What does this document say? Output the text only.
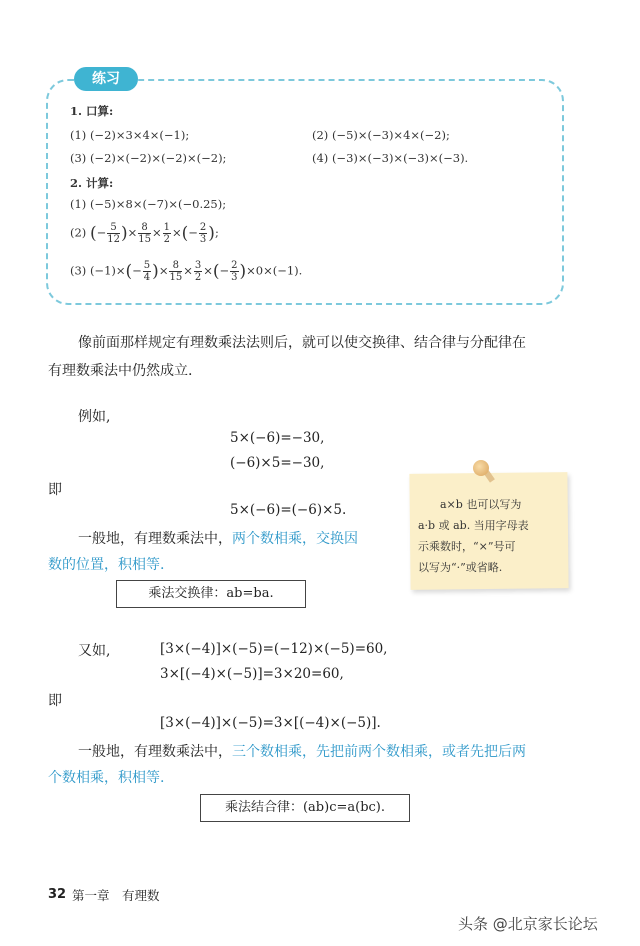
练习
1. 口算:
(1) (−2)×3×4×(−1);	(2) (−5)×(−3)×4×(−2);
(3) (−2)×(−2)×(−2)×(−2);	(4) (−3)×(−3)×(−3)×(−3).
2. 计算:
(1) (−5)×8×(−7)×(−0.25);
(2) (− $\frac{5}{12}$ )× $\frac{8}{15} \times \frac{1}{2}$ ×(− $\frac{2}{3}$ );
(3) $(-1)\times(- \frac{5}{4}$ )× $\frac{8}{15} \times \frac{3}{2}$ ×(− $\frac{2}{3} )\times 0\times(-1)$.
像前面那样规定有理数乘法法则后，就可以使交换律、结合律与分配律在
有理数乘法中仍然成立.
例如,
5×(−6)=−30,
(−6)×5=−30,
即
5×(−6)=(−6)×5.
一般地，有理数乘法中，两个数相乘，交换因
数的位置，积相等.
乘法交换律：ab=ba.
a×b 也可以写为
a·b 或 ab. 当用字母表
示乘数时，“×”号可
以写为“·”或省略.
又如,	[3×(−4)]×(−5)=(−12)×(−5)=60,
3×[(−4)×(−5)]=3×20=60,
即
[3×(−4)]×(−5)=3×[(−4)×(−5)].
一般地，有理数乘法中，三个数相乘，先把前两个数相乘，或者先把后两
个数相乘，积相等.
乘法结合律：(ab)c=a(bc).
32 第一章　有理数
头条 @北京家长论坛
